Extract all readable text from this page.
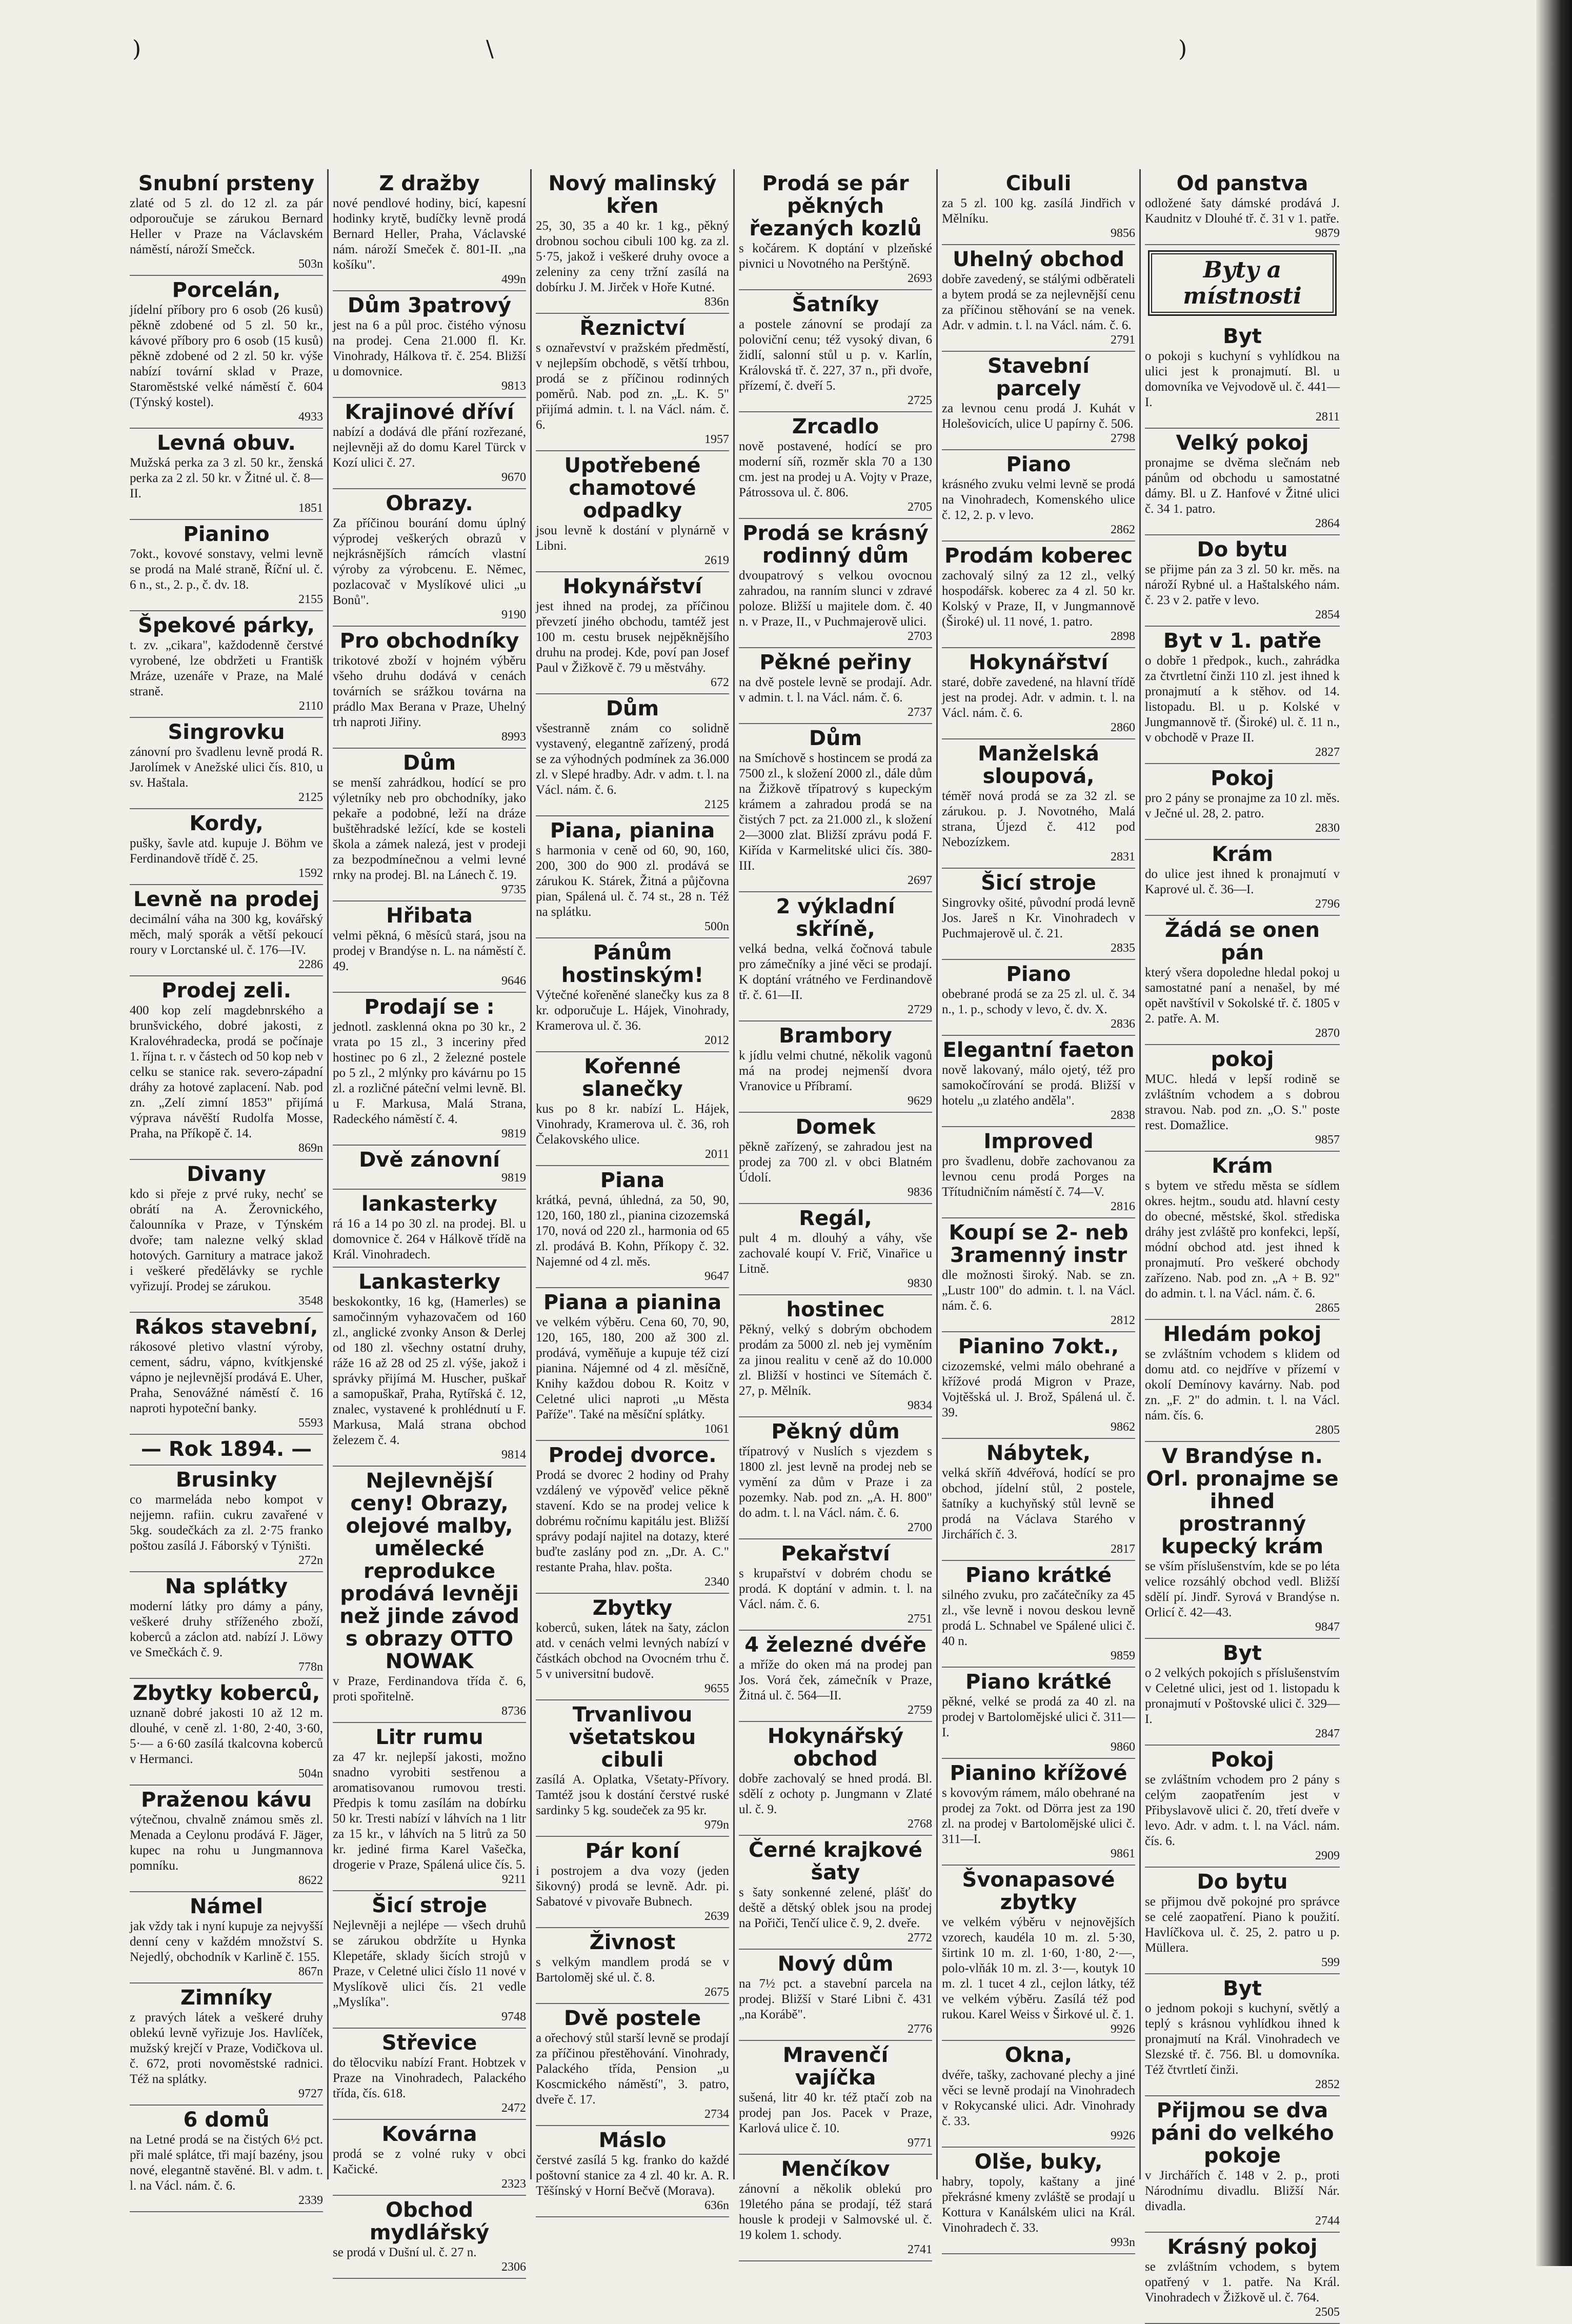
)	\	)
Snubní prsteny

zlaté od 5 zl. do 12 zl. za pár odporoučuje se zárukou Bernard Heller v Praze na Václavském náměstí, nároží Smečck.

503n
Porcelán,

jídelní příbory pro 6 osob (26 kusů) pěkně zdobené od 5 zl. 50 kr., kávové příbory pro 6 osob (15 kusů) pěkně zdobené od 2 zl. 50 kr. výše nabízí tovární sklad v Praze, Staroměstské velké náměstí č. 604 (Týnský kostel).

4933
Levná obuv.

Mužská perka za 3 zl. 50 kr., ženská perka za 2 zl. 50 kr. v Žitné ul. č. 8—II.

1851
Pianino

7okt., kovové sonstavy, velmi levně se prodá na Malé straně, Říční ul. č. 6 n., st., 2. p., č. dv. 18.

2155
Špekové párky,

t. zv. „cikara", každodenně čerstvé vyrobené, lze obdržeti u Františk Mráze, uzenáře v Praze, na Malé straně.

2110
Singrovku

zánovní pro švadlenu levně prodá R. Jarolímek v Anežské ulici čís. 810, u sv. Haštala.

2125
Kordy,

pušky, šavle atd. kupuje J. Böhm ve Ferdinandově třídě č. 25.

1592
Levně na prodej

decimální váha na 300 kg, kovářský měch, malý sporák a větší pekoucí roury v Lorctanské ul. č. 176—IV.

2286
Prodej zeli.

400 kop zelí magdebnrského a brunšvického, dobré jakosti, z Kralovéhradecka, prodá se počínaje 1. října t. r. v částech od 50 kop neb v celku se stanice rak. severo-západní dráhy za hotové zaplacení. Nab. pod zn. „Zelí zimní 1853" přijímá výprava návěští Rudolfa Mosse, Praha, na Příkopě č. 14.

869n
Divany

kdo si přeje z prvé ruky, nechť se obrátí na A. Žerovnického, čalounníka v Praze, v Týnském dvoře; tam nalezne velký sklad hotových. Garnitury a matrace jakož i veškeré předělávky se rychle vyřizují. Prodej se zárukou.

3548
Rákos stavební,

rákosové pletivo vlastní výroby, cement, sádru, vápno, kvítkjenské vápno je nejlevnější prodává E. Uher, Praha, Senovážné náměstí č. 16 naproti hypoteční banky.

5593
— Rok 1894. —
Brusinky

co marmeláda nebo kompot v nejjemn. rafiin. cukru zavařené v 5kg. soudečkách za zl. 2·75 franko poštou zasílá J. Fáborský v Týništi.

272n
Na splátky

moderní látky pro dámy a pány, veškeré druhy stříženého zboží, koberců a záclon atd. nabízí J. Löwy ve Smečkách č. 9.

778n
Zbytky koberců,

uznaně dobré jakosti 10 až 12 m. dlouhé, v ceně zl. 1·80, 2·40, 3·60, 5·— a 6·60 zasílá tkalcovna koberců v Hermanci.

504n
Praženou kávu

výtečnou, chvalně známou směs zl. Menada a Ceylonu prodává F. Jäger, kupec na rohu u Jungmannova pomníku.

8622
Námel

jak vždy tak i nyní kupuje za nejvyšší denní ceny v každém množství S. Nejedlý, obchodník v Karlině č. 155.

867n
Zimníky

z pravých látek a veškeré druhy oblekú levně vyřizuje Jos. Havlíček, mužský krejčí v Praze, Vodičkova ul. č. 672, proti novoměstské radnici. Též na splátky.

9727
6 domů

na Letné prodá se na čistých 6½ pct. při malé splátce, tři mají bazény, jsou nové, elegantně stavěné. Bl. v adm. t. l. na Václ. nám. č. 6.

2339
Z dražby

nové pendlové hodiny, bicí, kapesní hodinky krytě, budíčky levně prodá Bernard Heller, Praha, Václavské nám. nároží Smeček č. 801-II. „na košíku".

499n
Dům 3patrový

jest na 6 a půl proc. čistého výnosu na prodej. Cena 21.000 fl. Kr. Vinohrady, Hálkova tř. č. 254. Bližší u domovnice.

9813
Krajinové dříví

nabízí a dodává dle přání rozřezané, nejlevněji až do domu Karel Türck v Kozí ulici č. 27.

9670
Obrazy.

Za příčinou bourání domu úplný výprodej veškerých obrazů v nejkrásnějších rámcích vlastní výroby za výrobcenu. E. Němec, pozlacovač v Myslíkové ulici „u Bonů".

9190
Pro obchodníky

trikotové zboží v hojném výběru všeho druhu dodává v cenách továrních se srážkou továrna na prádlo Max Berana v Praze, Uhelný trh naproti Jiřiny.

8993
Dům

se menší zahrádkou, hodící se pro výletníky neb pro obchodníky, jako pekaře a podobné, leží na dráze buštěhradské ležící, kde se kosteli škola a zámek nalezá, jest v prodeji za bezpodmínečnou a velmi levné rnky na prodej. Bl. na Lánech č. 19.

9735
Hřibata

velmi pěkná, 6 měsíců stará, jsou na prodej v Brandýse n. L. na náměstí č. 49.

9646
Prodají se :

jednotl. zasklenná okna po 30 kr., 2 vrata po 15 zl., 3 inceriny před hostinec po 6 zl., 2 železné postele po 5 zl., 2 mlýnky pro kávárnu po 15 zl. a rozličné páteční velmi levně. Bl. u F. Markusa, Malá Strana, Radeckého náměstí č. 4.

9819
Dvě zánovní
9819
lankasterky

rá 16 a 14 po 30 zl. na prodej. Bl. u domovnice č. 264 v Hálkově třídě na Král. Vinohradech.

Lankasterky

beskokontky, 16 kg, (Hamerles) se samočinným vyhazovačem od 160 zl., anglické zvonky Anson & Derlej od 180 zl. všechny ostatní druhy, ráže 16 až 28 od 25 zl. výše, jakož i správky přijímá M. Huscher, puškař a samopuškař, Praha, Rytířská č. 12, znalec, vystavené k prohlédnutí u F. Markusa, Malá strana obchod železem č. 4.

9814
Nejlevnější ceny! Obrazy, olejové malby, umělecké reprodukce prodává levněji než jinde závod s obrazy OTTO NOWAK

v Praze, Ferdinandova třída č. 6, proti spořitelně.

8736
Litr rumu

za 47 kr. nejlepší jakosti, možno snadno vyrobiti sestřenou a aromatisovanou rumovou tresti. Předpis k tomu zasílám na dobírku 50 kr. Tresti nabízí v láhvích na 1 litr za 15 kr., v láhvích na 5 litrů za 50 kr. jediné firma Karel Vašečka, drogerie v Praze, Spálená ulice čís. 5.

9211
Šicí stroje

Nejlevněji a nejlépe — všech druhů se zárukou obdržíte u Hynka Klepetáře, sklady šicích strojů v Praze, v Celetné ulici číslo 11 nové v Myslíkově ulici čís. 21 vedle „Myslíka".

9748
Střevice

do tělocviku nabízí Frant. Hobtzek v Praze na Vinohradech, Palackého třída, čís. 618.

2472
Kovárna

prodá se z volné ruky v obci Kačické.

2323
Obchod mydlářský

se prodá v Dušní ul. č. 27 n.

2306
Nový malinský křen

25, 30, 35 a 40 kr. 1 kg., pěkný drobnou sochou cibuli 100 kg. za zl. 5·75, jakož i veškeré druhy ovoce a zeleniny za ceny tržní zasílá na dobírku J. M. Jirček v Hoře Kutné.

836n
Řeznictví

s oznařevství v pražském předměstí, v nejlepším obchodě, s větší trhbou, prodá se z příčinou rodinných poměrů. Nab. pod zn. „L. K. 5" přijímá admin. t. l. na Václ. nám. č. 6.

1957
Upotřebené chamotové odpadky

jsou levně k dostání v plynárně v Libni.

2619
Hokynářství

jest ihned na prodej, za příčinou převzetí jiného obchodu, tamtéž jest 100 m. cestu brusek nejpěknějšího druhu na prodej. Kde, poví pan Josef Paul v Žižkově č. 79 u městváhy.

672
Dům

všestranně znám co solidně vystavený, elegantně zařízený, prodá se za výhodných podmínek za 36.000 zl. v Slepé hradby. Adr. v adm. t. l. na Václ. nám. č. 6.

2125
Piana, pianina

s harmonia v ceně od 60, 90, 160, 200, 300 do 900 zl. prodává se zárukou K. Stárek, Žitná a půjčovna pian, Spálená ul. č. 74 st., 28 n. Též na splátku.

500n
Pánům hostinským!

Výtečné kořeněné slanečky kus za 8 kr. odporučuje L. Hájek, Vinohrady, Kramerova ul. č. 36.

2012
Kořenné slanečky

kus po 8 kr. nabízí L. Hájek, Vinohrady, Kramerova ul. č. 36, roh Čelakovského ulice.

2011
Piana

krátká, pevná, úhledná, za 50, 90, 120, 160, 180 zl., pianina cizozemská 170, nová od 220 zl., harmonia od 65 zl. prodává B. Kohn, Příkopy č. 32. Najemné od 4 zl. měs.

9647
Piana a pianina

ve velkém výběru. Cena 60, 70, 90, 120, 165, 180, 200 až 300 zl. prodává, vyměňuje a kupuje též cizí pianina. Nájemné od 4 zl. měsíčně, Knihy každou dobou R. Koitz v Celetné ulici naproti „u Města Paříže". Také na měsíční splátky.

1061
Prodej dvorce.

Prodá se dvorec 2 hodiny od Prahy vzdálený ve výpověď velice pěkně stavení. Kdo se na prodej velice k dobrému ročnímu kapitálu jest. Bližší správy podají najitel na dotazy, které buďte zaslány pod zn. „Dr. A. C." restante Praha, hlav. pošta.

2340
Zbytky

koberců, suken, látek na šaty, záclon atd. v cenách velmi levných nabízí v částkách obchod na Ovocném trhu č. 5 v universitní budově.

9655
Trvanlivou všetatskou cibuli

zasílá A. Oplatka, Všetaty-Přívory. Tamtéž jsou k dostání čerstvé ruské sardinky 5 kg. soudeček za 95 kr.

979n
Pár koní

i postrojem a dva vozy (jeden šikovný) prodá se levně. Adr. pi. Sabatové v pivovaře Bubnech.

2639
Živnost

s velkým mandlem prodá se v Bartoloměj ské ul. č. 8.

2675
Dvě postele

a ořechový stůl starší levně se prodají za příčinou přestěhování. Vinohrady, Palackého třída, Pension „u Koscmického náměstí", 3. patro, dveře č. 17.

2734
Máslo

čerstvé zasílá 5 kg. franko do každé poštovní stanice za 4 zl. 40 kr. A. R. Těšínský v Horní Bečvě (Morava).

636n
Prodá se pár pěkných řezaných kozlů

s kočárem. K doptání v plzeňské pivnici u Novotného na Perštýně.

2693
Šatníky

a postele zánovní se prodají za poloviční cenu; též vysoký divan, 6 židlí, salonní stůl u p. v. Karlín, Královská tř. č. 227, 37 n., při dvoře, přízemí, č. dveří 5.

2725
Zrcadlo

nově postavené, hodící se pro moderní síň, rozměr skla 70 a 130 cm. jest na prodej u A. Vojty v Praze, Pátrossova ul. č. 806.

2705
Prodá se krásný rodinný dům

dvoupatrový s velkou ovocnou zahradou, na ranním slunci v zdravé poloze. Bližší u majitele dom. č. 40 n. v Praze, II., v Puchmajerově ulici.

2703
Pěkné peřiny

na dvě postele levně se prodají. Adr. v admin. t. l. na Václ. nám. č. 6.

2737
Dům

na Smíchově s hostincem se prodá za 7500 zl., k složení 2000 zl., dále dům na Žižkově třípatrový s kupeckým krámem a zahradou prodá se na čistých 7 pct. za 21.000 zl., k složení 2—3000 zlat. Bližší zprávu podá F. Kiřída v Karmelitské ulici čís. 380-III.

2697
2 výkladní skříně,

velká bedna, velká čočnová tabule pro zámečníky a jiné věci se prodají. K doptání vrátného ve Ferdinandově tř. č. 61—II.

2729
Brambory

k jídlu velmi chutné, několik vagonů má na prodej nejmenší dvora Vranovice u Příbramí.

9629
Domek

pěkně zařízený, se zahradou jest na prodej za 700 zl. v obci Blatném Údolí.

9836
Regál,

pult 4 m. dlouhý a váhy, vše zachovalé koupí V. Frič, Vinařice u Litně.

9830
hostinec

Pěkný, velký s dobrým obchodem prodám za 5000 zl. neb jej vyměním za jinou realitu v ceně až do 10.000 zl. Bližší v hostinci ve Sítemách č. 27, p. Mělník.

9834
Pěkný dům

třípatrový v Nuslích s vjezdem s 1800 zl. jest levně na prodej neb se vymění za dům v Praze i za pozemky. Nab. pod zn. „A. H. 800" do adm. t. l. na Václ. nám. č. 6.

2700
Pekařství

s krupařství v dobrém chodu se prodá. K doptání v admin. t. l. na Václ. nám. č. 6.

2751
4 železné dvéře

a mříže do oken má na prodej pan Jos. Vorá ček, zámečník v Praze, Žitná ul. č. 564—II.

2759
Hokynářský obchod

dobře zachovalý se hned prodá. Bl. sdělí z ochoty p. Jungmann v Zlaté ul. č. 9.

2768
Černé krajkové šaty

s šaty sonkenné zelené, plášť do deště a dětský oblek jsou na prodej na Pořiči, Tenčí ulice č. 9, 2. dveře.

2772
Nový dům

na 7½ pct. a stavební parcela na prodej. Bližší v Staré Libni č. 431 „na Korábě".

2776
Mravenčí vajíčka

sušená, litr 40 kr. též ptačí zob na prodej pan Jos. Pacek v Praze, Karlová ulice č. 10.

9771
Menčíkov

zánovní a několik oblekú pro 19letého pána se prodají, též stará housle k prodeji v Salmovské ul. č. 19 kolem 1. schody.

2741
Cibuli

za 5 zl. 100 kg. zasílá Jindřich v Mělníku.

9856
Uhelný obchod

dobře zavedený, se stálými odběrateli a bytem prodá se za nejlevnější cenu za příčinou stěhování se na venek. Adr. v admin. t. l. na Václ. nám. č. 6.

2791
Stavební parcely

za levnou cenu prodá J. Kuhát v Holešovicích, ulice U papírny č. 506.

2798
Piano

krásného zvuku velmi levně se prodá na Vinohradech, Komenského ulice č. 12, 2. p. v levo.

2862
Prodám koberec

zachovalý silný za 12 zl., velký hospodářsk. koberec za 4 zl. 50 kr. Kolský v Praze, II, v Jungmannově (Široké) ul. 11 nové, 1. patro.

2898
Hokynářství

staré, dobře zavedené, na hlavní třídě jest na prodej. Adr. v admin. t. l. na Václ. nám. č. 6.

2860
Manželská sloupová,

téměř nová prodá se za 32 zl. se zárukou. p. J. Novotného, Malá strana, Újezd č. 412 pod Nebozízkem.

2831
Šicí stroje

Singrovky ošité, původní prodá levně Jos. Jareš n Kr. Vinohradech v Puchmajerově ul. č. 21.

2835
Piano

obebrané prodá se za 25 zl. ul. č. 34 n., 1. p., schody v levo, č. dv. X.

2836
Elegantní faeton

nově lakovaný, málo ojetý, též pro samokočírování se prodá. Bližší v hotelu „u zlatého anděla".

2838
Improved

pro švadlenu, dobře zachovanou za levnou cenu prodá Porges na Třítudničním náměstí č. 74—V.

2816
Koupí se 2- neb 3ramenný instr

dle možnosti široký. Nab. se zn. „Lustr 100" do admin. t. l. na Václ. nám. č. 6.

2812
Pianino 7okt.,

cizozemské, velmi málo obehrané a křížové prodá Migron v Praze, Vojtěšská ul. J. Brož, Spálená ul. č. 39.

9862
Nábytek,

velká skříň 4dvéřová, hodící se pro obchod, jídelní stůl, 2 postele, šatníky a kuchyňský stůl levně se prodá na Václava Starého v Jirchářích č. 3.

2817
Piano krátké

silného zvuku, pro začátečníky za 45 zl., vše levně i novou deskou levně prodá L. Schnabel ve Spálené ulici č. 40 n.

9859
Piano krátké

pěkné, velké se prodá za 40 zl. na prodej v Bartolomějské ulici č. 311—I.

9860
Pianino křížové

s kovovým rámem, málo obehrané na prodej za 7okt. od Dörra jest za 190 zl. na prodej v Bartolomějské ulici č. 311—I.

9861
Švonapasové zbytky

ve velkém výběru v nejnovějších vzorech, kaudéla 10 m. zl. 5·30, širtink 10 m. zl. 1·60, 1·80, 2·—, polo-vlňák 10 m. zl. 3·—, koutyk 10 m. zl. 1 tucet 4 zl., cejlon látky, též ve velkém výběru. Zasílá též pod rukou. Karel Weiss v Širkové ul. č. 1.

9926
Okna,

dvéře, tašky, zachované plechy a jiné věci se levně prodají na Vinohradech v Rokycanské ulici. Adr. Vinohrady č. 33.

9926
Olše, buky,

habry, topoly, kaštany a jiné překrásné kmeny zvláště se prodají u Kottura v Kanálském ulici na Král. Vinohradech č. 33.

993n
Od panstva

odložené šaty dámské prodává J. Kaudnitz v Dlouhé tř. č. 31 v 1. patře.

9879
Byty a místnosti
Byt

o pokoji s kuchyní s vyhlídkou na ulici jest k pronajmutí. Bl. u domovníka ve Vejvodově ul. č. 441—I.

2811
Velký pokoj

pronajme se dvěma slečnám neb pánům od obchodu u samostatné dámy. Bl. u Z. Hanfové v Žitné ulici č. 34 1. patro.

2864
Do bytu

se přijme pán za 3 zl. 50 kr. měs. na nároží Rybné ul. a Haštalského nám. č. 23 v 2. patře v levo.

2854
Byt v 1. patře

o dobře 1 předpok., kuch., zahrádka za čtvrtletní činži 110 zl. jest ihned k pronajmutí a k stěhov. od 14. listopadu. Bl. u p. Kolské v Jungmannově tř. (Široké) ul. č. 11 n., v obchodě v Praze II.

2827
Pokoj

pro 2 pány se pronajme za 10 zl. měs. v Ječné ul. 28, 2. patro.

2830
Krám

do ulice jest ihned k pronajmutí v Kaprové ul. č. 36—I.

2796
Žádá se onen pán

který všera dopoledne hledal pokoj u samostatné paní a nenašel, by mé opět navštívil v Sokolské tř. č. 1805 v 2. patře. A. M.

2870
pokoj

MUC. hledá v lepší rodině se zvláštním vchodem a s dobrou stravou. Nab. pod zn. „O. S." poste rest. Domažlice.

9857
Krám

s bytem ve středu města se sídlem okres. hejtm., soudu atd. hlavní cesty do obecné, městské, škol. střediska dráhy jest zvláště pro konfekci, lepší, módní obchod atd. jest ihned k pronajmutí. Pro veškeré obchody zařízeno. Nab. pod zn. „A + B. 92" do admin. t. l. na Václ. nám. č. 6.

2865
Hledám pokoj

se zvláštním vchodem s klidem od domu atd. co nejdříve v přízemí v okolí Demínovy kavárny. Nab. pod zn. „F. 2" do admin. t. l. na Václ. nám. čís. 6.

2805
V Brandýse n. Orl. pronajme se ihned prostranný kupecký krám

se vším příslušenstvím, kde se po léta velice rozsáhlý obchod vedl. Bližší sdělí pí. Jindř. Syrová v Brandýse n. Orlicí č. 42—43.

9847
Byt

o 2 velkých pokojích s příslušenstvím v Celetné ulici, jest od 1. listopadu k pronajmutí v Poštovské ulici č. 329—I.

2847
Pokoj

se zvláštním vchodem pro 2 pány s celým zaopatřením jest v Přibyslavově ulici č. 20, třetí dveře v levo. Adr. v adm. t. l. na Václ. nám. čís. 6.

2909
Do bytu

se přijmou dvě pokojné pro správce se celé zaopatření. Piano k použití. Havlíčkova ul. č. 25, 2. patro u p. Müllera.

599
Byt

o jednom pokoji s kuchyní, světlý a teplý s krásnou vyhlídkou ihned k pronajmutí na Král. Vinohradech ve Slezské tř. č. 756. Bl. u domovníka. Též čtvrtletí činži.

2852
Přijmou se dva páni do velkého pokoje

v Jirchářích č. 148 v 2. p., proti Národnímu divadlu. Bližší Nár. divadla.

2744
Krásný pokoj

se zvláštním vchodem, s bytem opatřený v 1. patře. Na Král. Vinohradech v Žižkově ul. č. 764.

2505
